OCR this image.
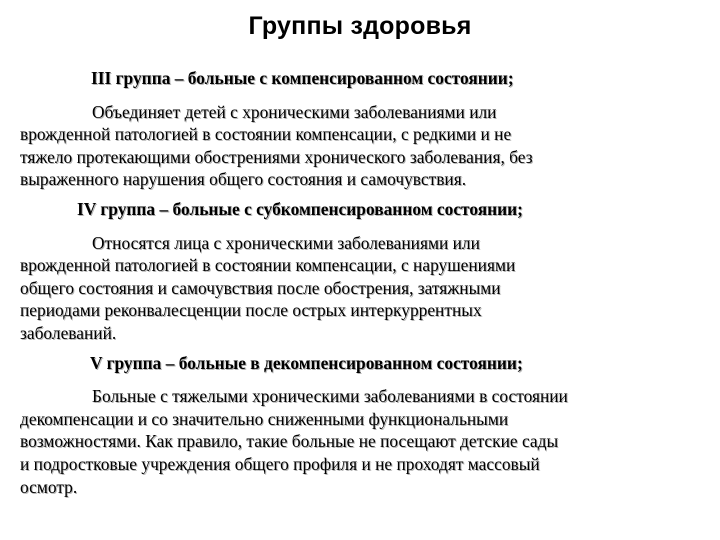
Группы здоровья
III группа – больные с компенсированном состоянии;
Объединяет детей с хроническими заболеваниями или
врожденной патологией в состоянии компенсации, с редкими и не
тяжело протекающими обострениями хронического заболевания, без
выраженного нарушения общего состояния и самочувствия.
IV группа – больные с субкомпенсированном состоянии;
Относятся лица с хроническими заболеваниями или
врожденной патологией в состоянии компенсации, с нарушениями
общего состояния и самочувствия после обострения, затяжными
периодами реконвалесценции после острых интеркуррентных
заболеваний.
V группа – больные в декомпенсированном состоянии;
Больные с тяжелыми хроническими заболеваниями в состоянии
декомпенсации и со значительно сниженными функциональными
возможностями. Как правило, такие больные не посещают детские сады
и подростковые учреждения общего профиля и не проходят массовый
осмотр.
